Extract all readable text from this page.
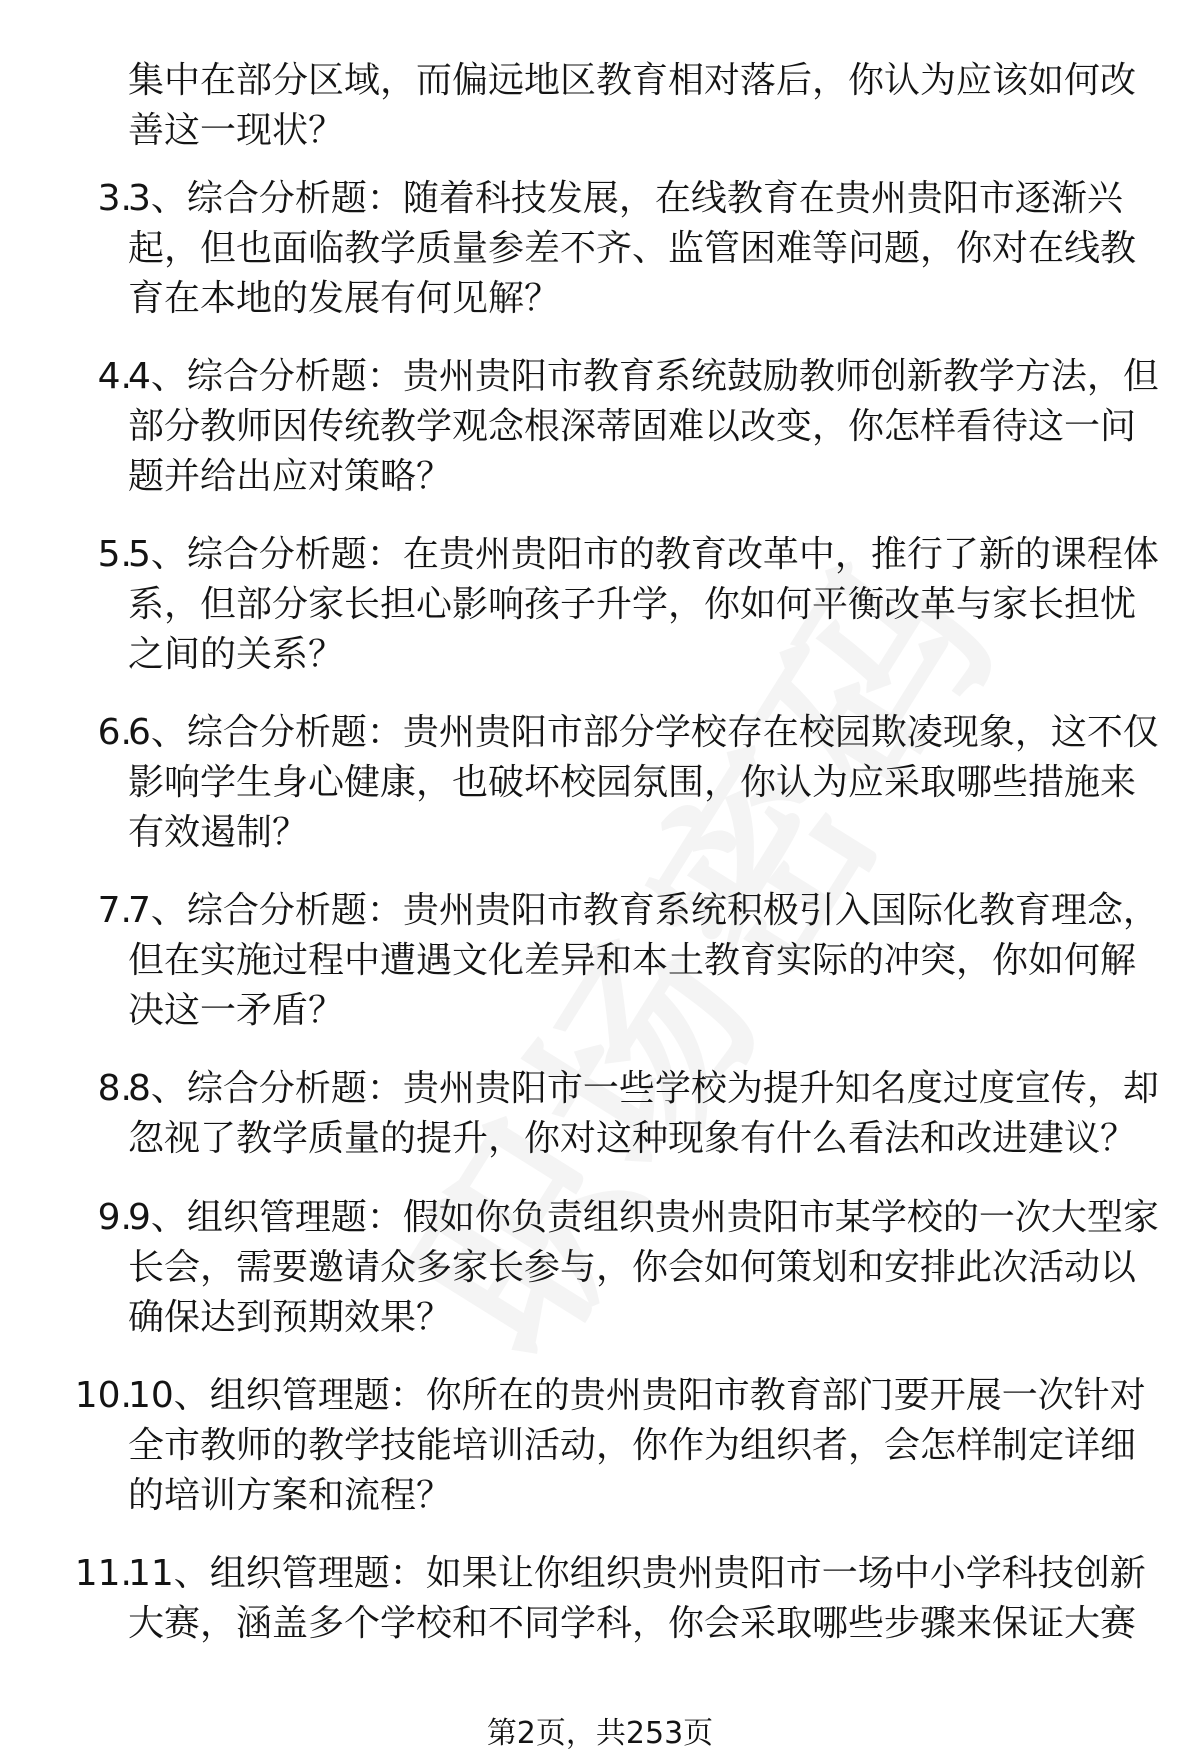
集中在部分区域，而偏远地区教育相对落后，你认为应该如何改善这一现状？
3.
3、综合分析题：随着科技发展，在线教育在贵州贵阳市逐渐兴起，但也面临教学质量参差不齐、监管困难等问题，你对在线教育在本地的发展有何见解？
4.
4、综合分析题：贵州贵阳市教育系统鼓励教师创新教学方法，但部分教师因传统教学观念根深蒂固难以改变，你怎样看待这一问题并给出应对策略？
5.
5、综合分析题：在贵州贵阳市的教育改革中，推行了新的课程体系，但部分家长担心影响孩子升学，你如何平衡改革与家长担忧之间的关系？
6.
6、综合分析题：贵州贵阳市部分学校存在校园欺凌现象，这不仅影响学生身心健康，也破坏校园氛围，你认为应采取哪些措施来有效遏制？
7.
7、综合分析题：贵州贵阳市教育系统积极引入国际化教育理念，但在实施过程中遭遇文化差异和本土教育实际的冲突，你如何解决这一矛盾？
8.
8、综合分析题：贵州贵阳市一些学校为提升知名度过度宣传，却忽视了教学质量的提升，你对这种现象有什么看法和改进建议？
9.
9、组织管理题：假如你负责组织贵州贵阳市某学校的一次大型家长会，需要邀请众多家长参与，你会如何策划和安排此次活动以确保达到预期效果？
10.
10、组织管理题：你所在的贵州贵阳市教育部门要开展一次针对全市教师的教学技能培训活动，你作为组织者，会怎样制定详细的培训方案和流程？
11.
11、组织管理题：如果让你组织贵州贵阳市一场中小学科技创新大赛，涵盖多个学校和不同学科，你会采取哪些步骤来保证大赛
第2页，共253页
